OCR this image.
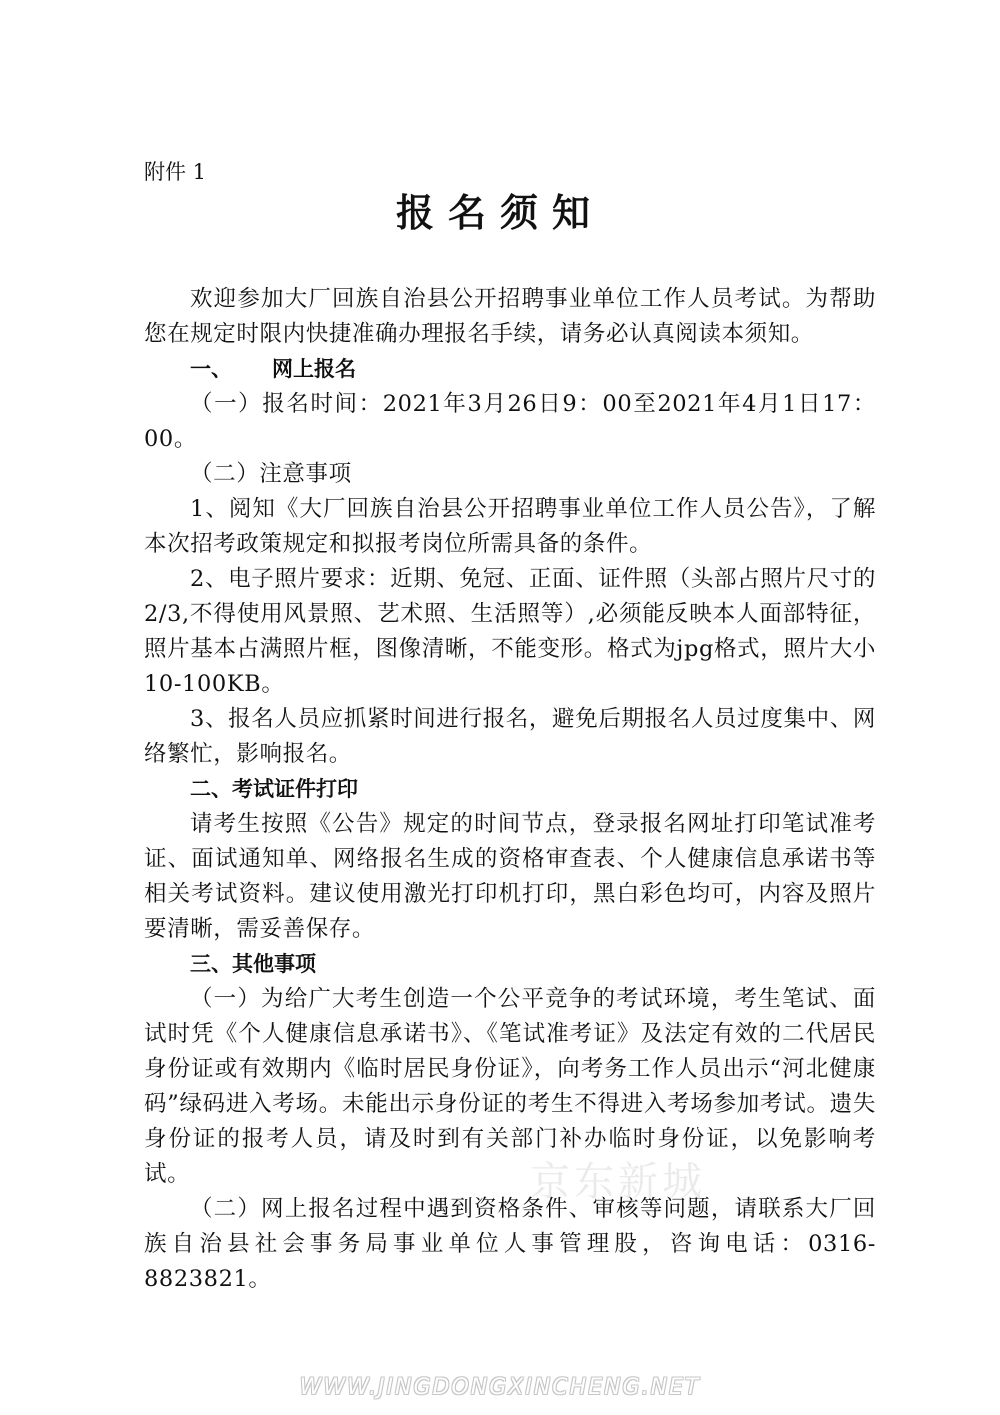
附件 1
报名须知

欢迎参加大厂回族自治县公开招聘事业单位工作人员考试。为帮助您在规定时限内快捷准确办理报名手续，请务必认真阅读本须知。

一、 网上报名

（一）报名时间：2021年3月26日9：00至2021年4月1日17：00。

（二）注意事项

1、阅知《大厂回族自治县公开招聘事业单位工作人员公告》，了解本次招考政策规定和拟报考岗位所需具备的条件。

2、电子照片要求：近期、免冠、正面、证件照（头部占照片尺寸的2/3,不得使用风景照、艺术照、生活照等）,必须能反映本人面部特征，照片基本占满照片框，图像清晰，不能变形。格式为jpg格式，照片大小10-100KB。

3、报名人员应抓紧时间进行报名，避免后期报名人员过度集中、网络繁忙，影响报名。

二、考试证件打印

请考生按照《公告》规定的时间节点，登录报名网址打印笔试准考证、面试通知单、网络报名生成的资格审查表、个人健康信息承诺书等相关考试资料。建议使用激光打印机打印，黑白彩色均可，内容及照片要清晰，需妥善保存。

三、其他事项

（一）为给广大考生创造一个公平竞争的考试环境，考生笔试、面试时凭《个人健康信息承诺书》、《笔试准考证》及法定有效的二代居民身份证或有效期内《临时居民身份证》，向考务工作人员出示“河北健康码”绿码进入考场。未能出示身份证的考生不得进入考场参加考试。遗失身份证的报考人员，请及时到有关部门补办临时身份证，以免影响考试。

（二）网上报名过程中遇到资格条件、审核等问题，请联系大厂回族自治县社会事务局事业单位人事管理股，咨询电话：0316-8823821。

京东新城
WWW.JINGDONGXINCHENG.NET
